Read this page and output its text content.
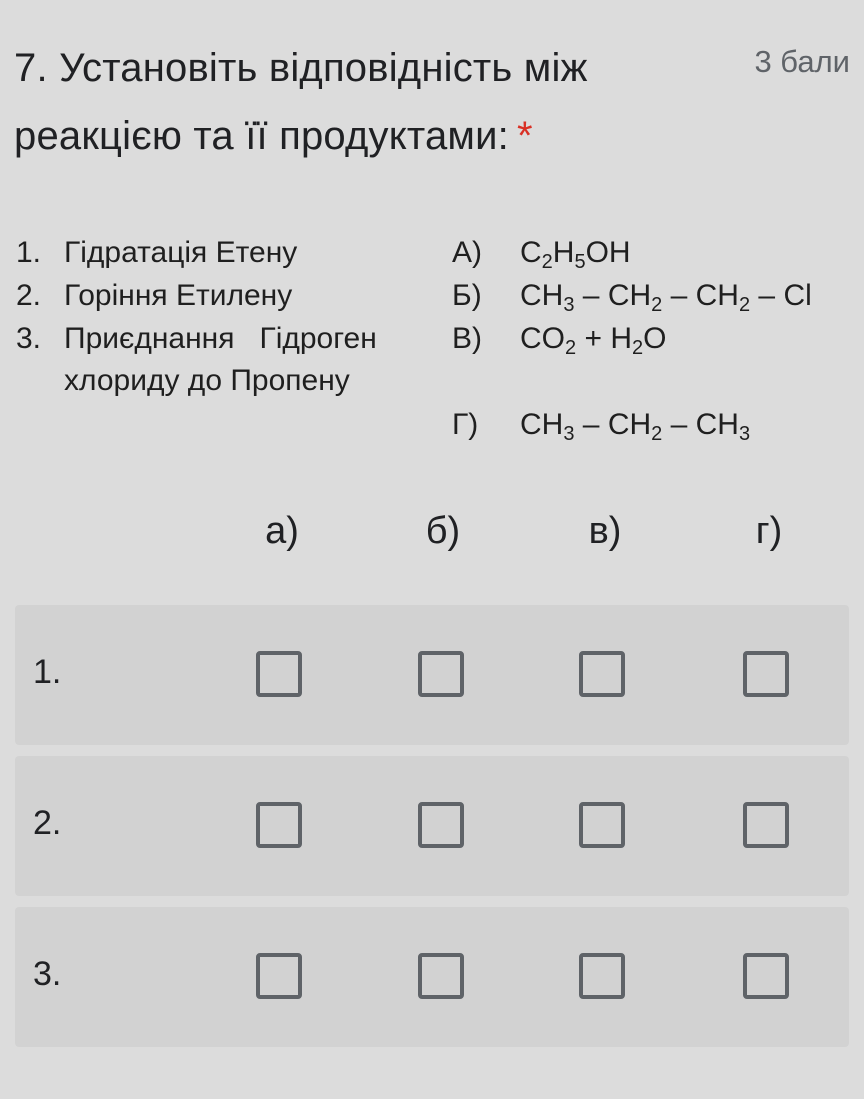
7. Установіть відповідність між реакцією та її продуктами: *
3 бали
1. Гідратація Етену
2. Горіння Етилену
3. Приєднання   Гідроген
хлориду до Пропену
А) $C_2H_5OH$
Б) $CH_3 - CH_2 - CH_2$ – Cl
В) $CO_2 + H_2O$
Г) $CH_3 - CH_2 - CH_3$
а)	б)	в)	г)
1.
2.
3.
